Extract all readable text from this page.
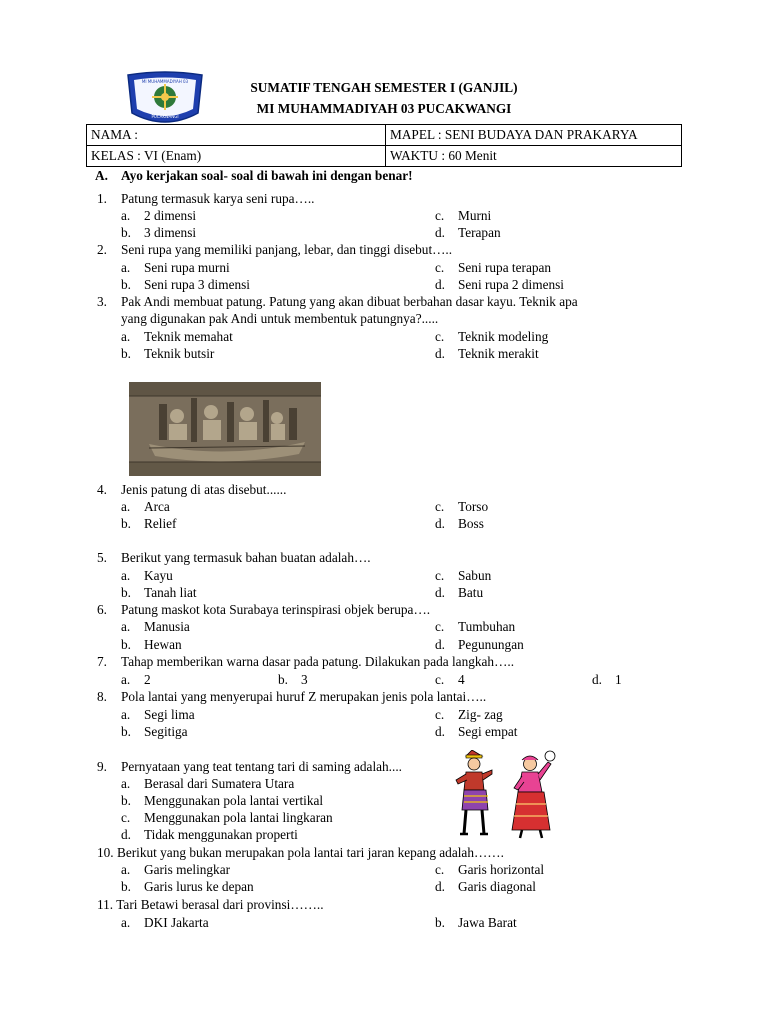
MI MUHAMMADIYAH 03
PUCAKWANGI
SUMATIF TENGAH SEMESTER I (GANJIL)
MI MUHAMMADIYAH 03 PUCAKWANGI
NAMA :	MAPEL : SENI BUDAYA DAN PRAKARYA
KELAS : VI (Enam)	WAKTU : 60 Menit
A. Ayo kerjakan soal- soal di bawah ini dengan benar!
1. Patung termasuk karya seni rupa…..
a. 2 dimensi
b. 3 dimensi
c. Murni
d. Terapan
2. Seni rupa yang memiliki panjang, lebar, dan tinggi disebut…..
a. Seni rupa murni
b. Seni rupa 3 dimensi
c. Seni rupa terapan
d. Seni rupa 2 dimensi
3. Pak Andi membuat patung. Patung yang akan dibuat berbahan dasar kayu. Teknik apa
yang digunakan pak Andi untuk membentuk patungnya?.....
a. Teknik memahat
b. Teknik butsir
c. Teknik modeling
d. Teknik merakit
4. Jenis patung di atas disebut......
a. Arca
b. Relief
c. Torso
d. Boss
5. Berikut yang termasuk bahan buatan adalah….
a. Kayu
b. Tanah liat
c. Sabun
d. Batu
6. Patung maskot kota Surabaya terinspirasi objek berupa….
a. Manusia
b. Hewan
c. Tumbuhan
d. Pegunungan
7. Tahap memberikan warna dasar pada patung. Dilakukan pada langkah…..
a. 2	b. 3	c. 4	d. 1
8. Pola lantai yang menyerupai huruf Z merupakan jenis pola lantai…..
a. Segi lima
b. Segitiga
c. Zig- zag
d. Segi empat
9. Pernyataan yang teat tentang tari di saming adalah....
a. Berasal dari Sumatera Utara
b. Menggunakan pola lantai vertikal
c. Menggunakan pola lantai lingkaran
d. Tidak menggunakan properti
10. Berikut yang bukan merupakan pola lantai tari jaran kepang adalah…….
a. Garis melingkar
b. Garis lurus ke depan
c. Garis horizontal
d. Garis diagonal
11. Tari Betawi berasal dari provinsi……..
a. DKI Jakarta	b. Jawa Barat
